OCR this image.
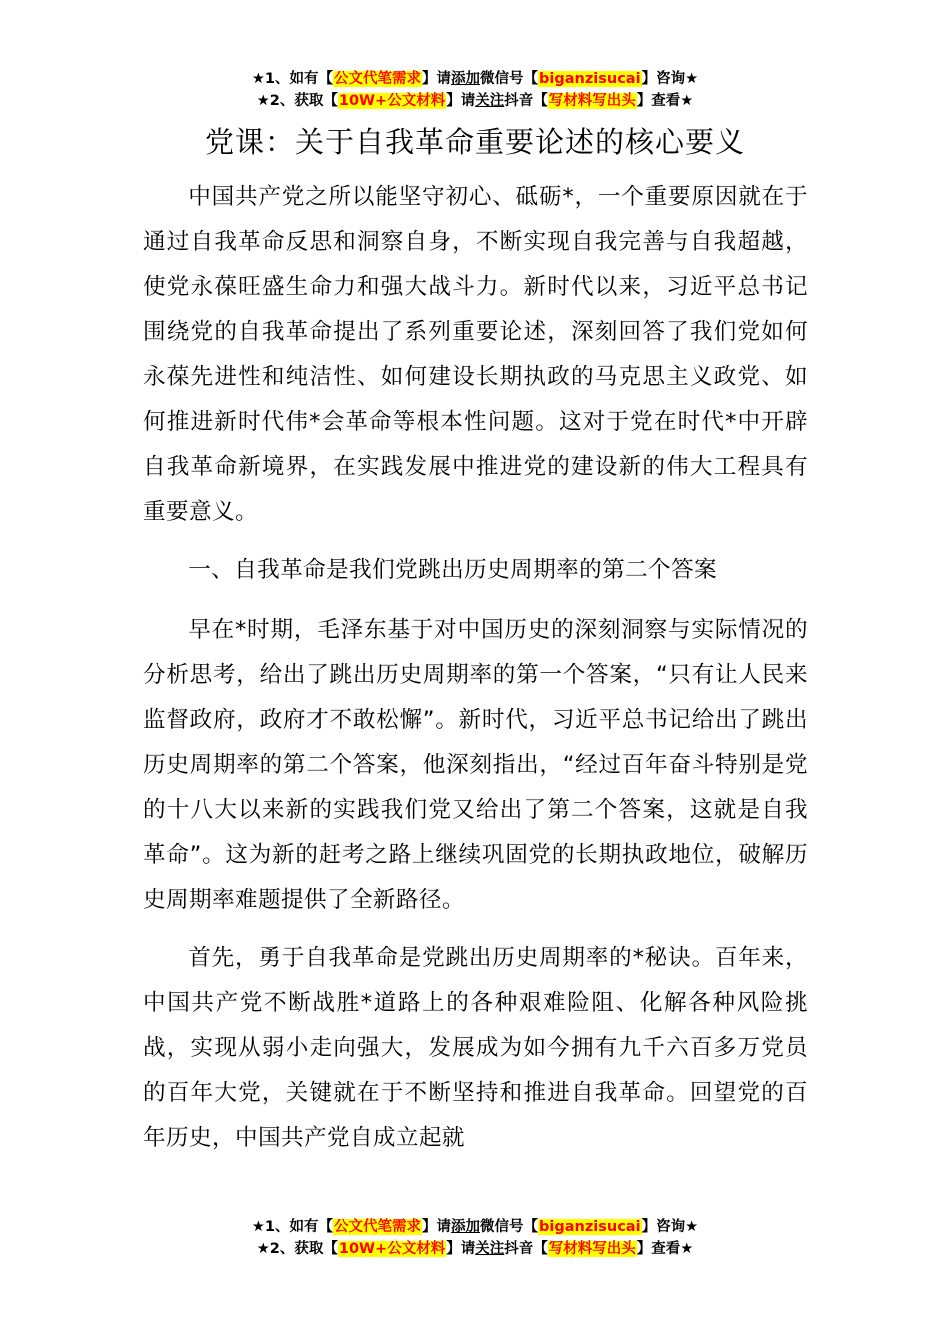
★1、如有【公文代笔需求】请添加微信号【biganzisucai】咨询★
★2、获取【10W+公文材料】请关注抖音【写材料写出头】查看★
党课：关于自我革命重要论述的核心要义

中国共产党之所以能坚守初心、砥砺*，一个重要原因就在于通过自我革命反思和洞察自身，不断实现自我完善与自我超越，使党永葆旺盛生命力和强大战斗力。新时代以来，习近平总书记围绕党的自我革命提出了系列重要论述，深刻回答了我们党如何永葆先进性和纯洁性、如何建设长期执政的马克思主义政党、如何推进新时代伟*会革命等根本性问题。这对于党在时代*中开辟自我革命新境界，在实践发展中推进党的建设新的伟大工程具有重要意义。

一、自我革命是我们党跳出历史周期率的第二个答案

早在*时期，毛泽东基于对中国历史的深刻洞察与实际情况的分析思考，给出了跳出历史周期率的第一个答案，“只有让人民来监督政府，政府才不敢松懈”。新时代，习近平总书记给出了跳出历史周期率的第二个答案，他深刻指出，“经过百年奋斗特别是党的十八大以来新的实践我们党又给出了第二个答案，这就是自我革命”。这为新的赶考之路上继续巩固党的长期执政地位，破解历史周期率难题提供了全新路径。

首先，勇于自我革命是党跳出历史周期率的*秘诀。百年来，中国共产党不断战胜*道路上的各种艰难险阻、化解各种风险挑战，实现从弱小走向强大，发展成为如今拥有九千六百多万党员的百年大党，关键就在于不断坚持和推进自我革命。回望党的百年历史，中国共产党自成立起就

★1、如有【公文代笔需求】请添加微信号【biganzisucai】咨询★
★2、获取【10W+公文材料】请关注抖音【写材料写出头】查看★
